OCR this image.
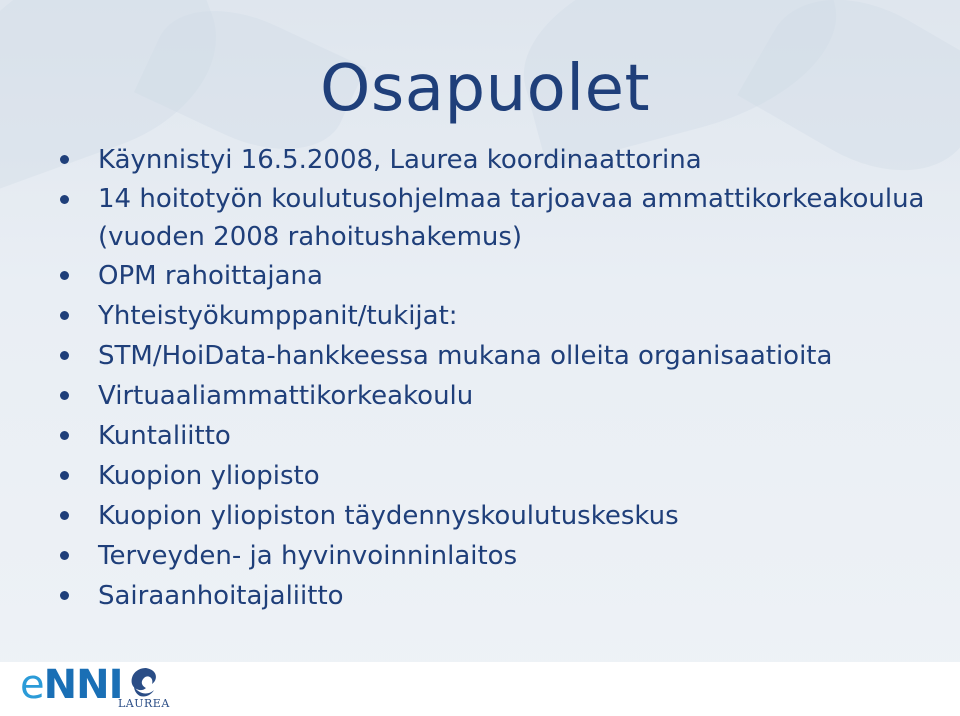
Osapuolet
Käynnistyi 16.5.2008, Laurea koordinaattorina
14 hoitotyön koulutusohjelmaa tarjoavaa ammattikorkeakoulua (vuoden 2008 rahoitushakemus)
OPM rahoittajana
Yhteistyökumppanit/tukijat:
STM/HoiData-hankkeessa mukana olleita organisaatioita
Virtuaaliammattikorkeakoulu
Kuntaliitto
Kuopion yliopisto
Kuopion yliopiston täydennyskoulutuskeskus
Terveyden- ja hyvinvoinninlaitos
Sairaanhoitajaliitto
eNNI
LAUREA
